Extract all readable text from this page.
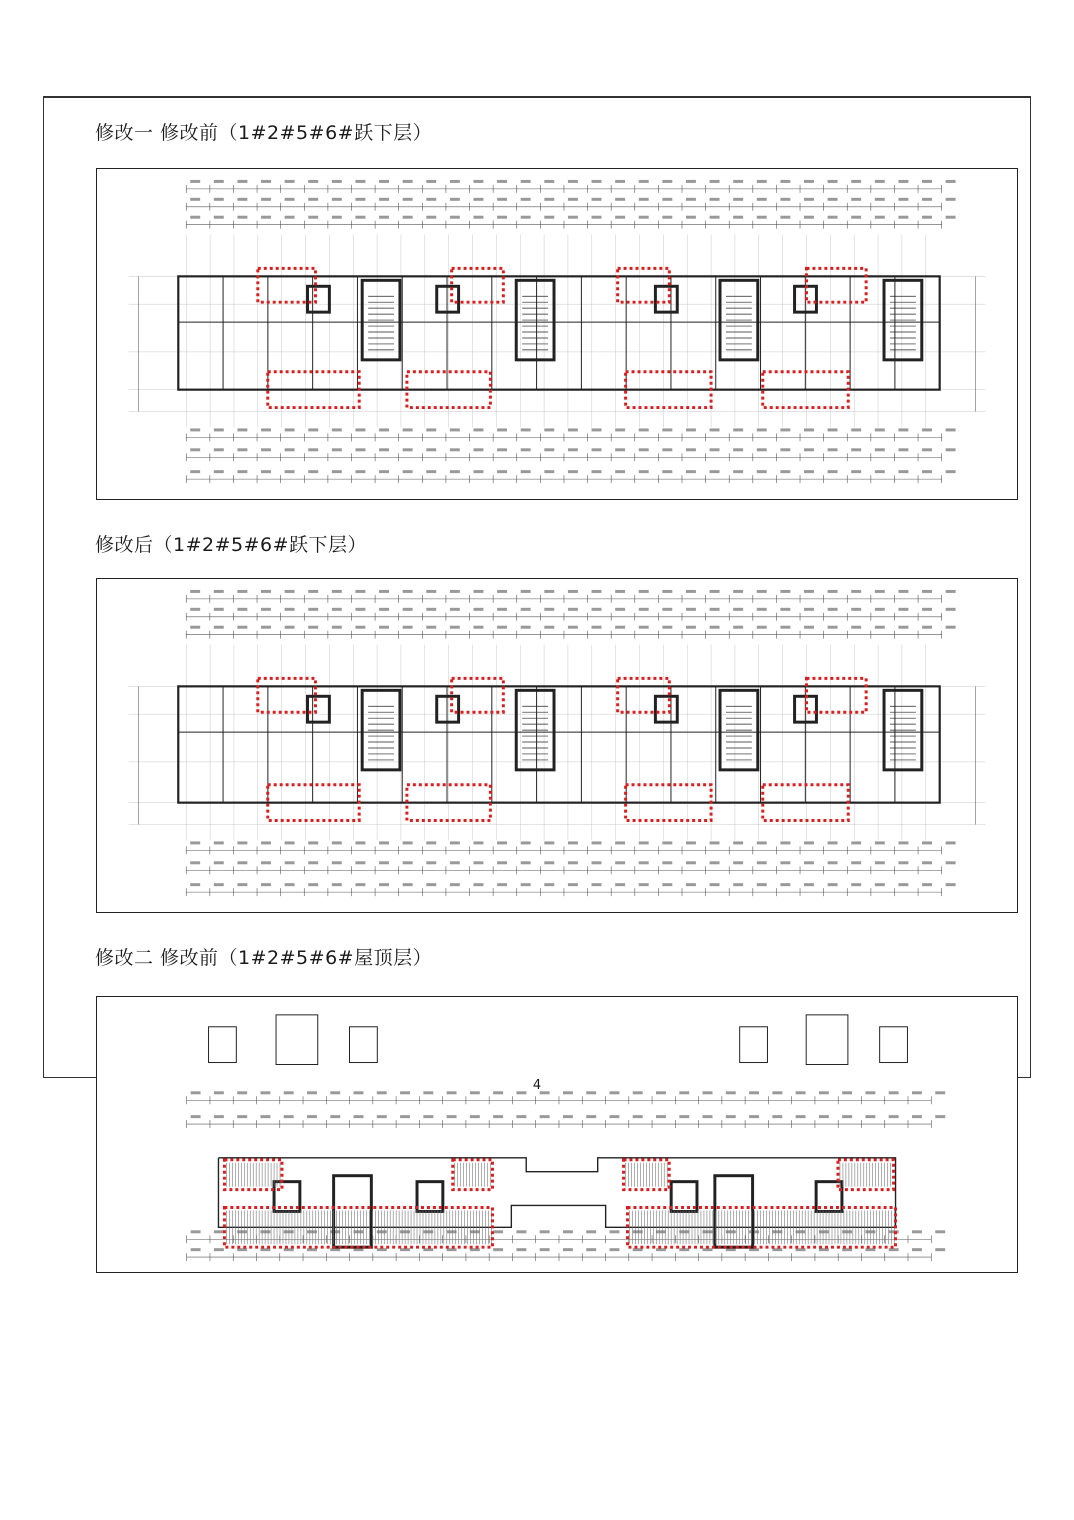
修改一 修改前（1#2#5#6#跃下层）
修改后（1#2#5#6#跃下层）
修改二 修改前（1#2#5#6#屋顶层）
4
